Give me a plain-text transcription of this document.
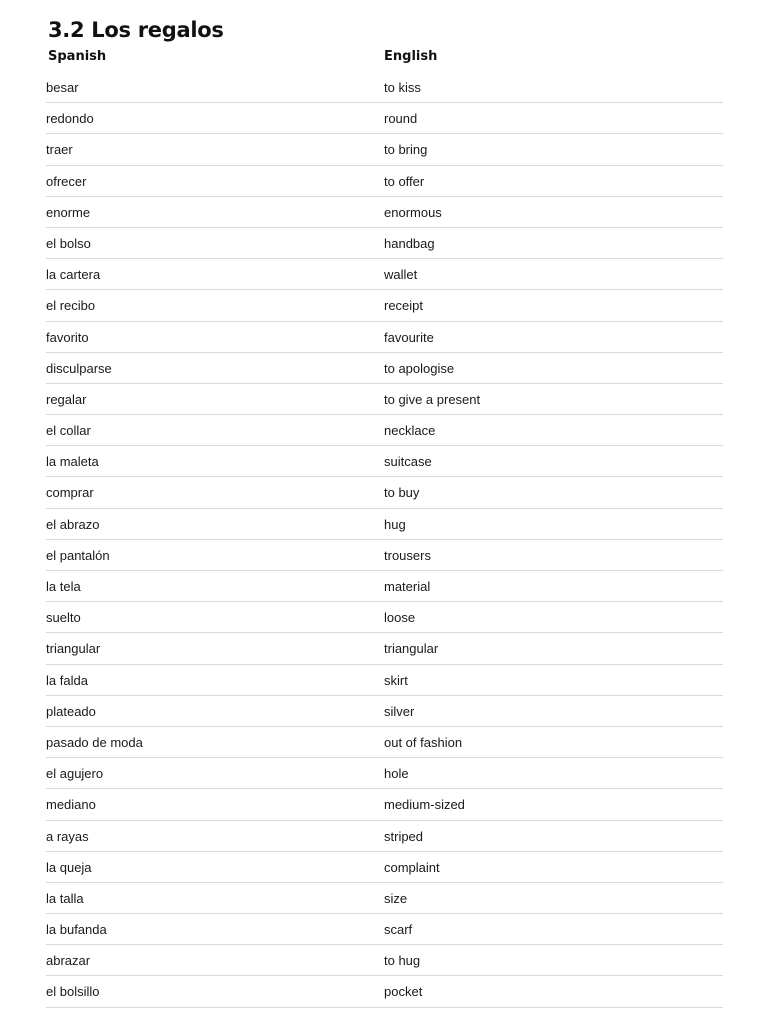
3.2 Los regalos
Spanish	English
besar	to kiss
redondo	round
traer	to bring
ofrecer	to offer
enorme	enormous
el bolso	handbag
la cartera	wallet
el recibo	receipt
favorito	favourite
disculparse	to apologise
regalar	to give a present
el collar	necklace
la maleta	suitcase
comprar	to buy
el abrazo	hug
el pantalón	trousers
la tela	material
suelto	loose
triangular	triangular
la falda	skirt
plateado	silver
pasado de moda	out of fashion
el agujero	hole
mediano	medium-sized
a rayas	striped
la queja	complaint
la talla	size
la bufanda	scarf
abrazar	to hug
el bolsillo	pocket
